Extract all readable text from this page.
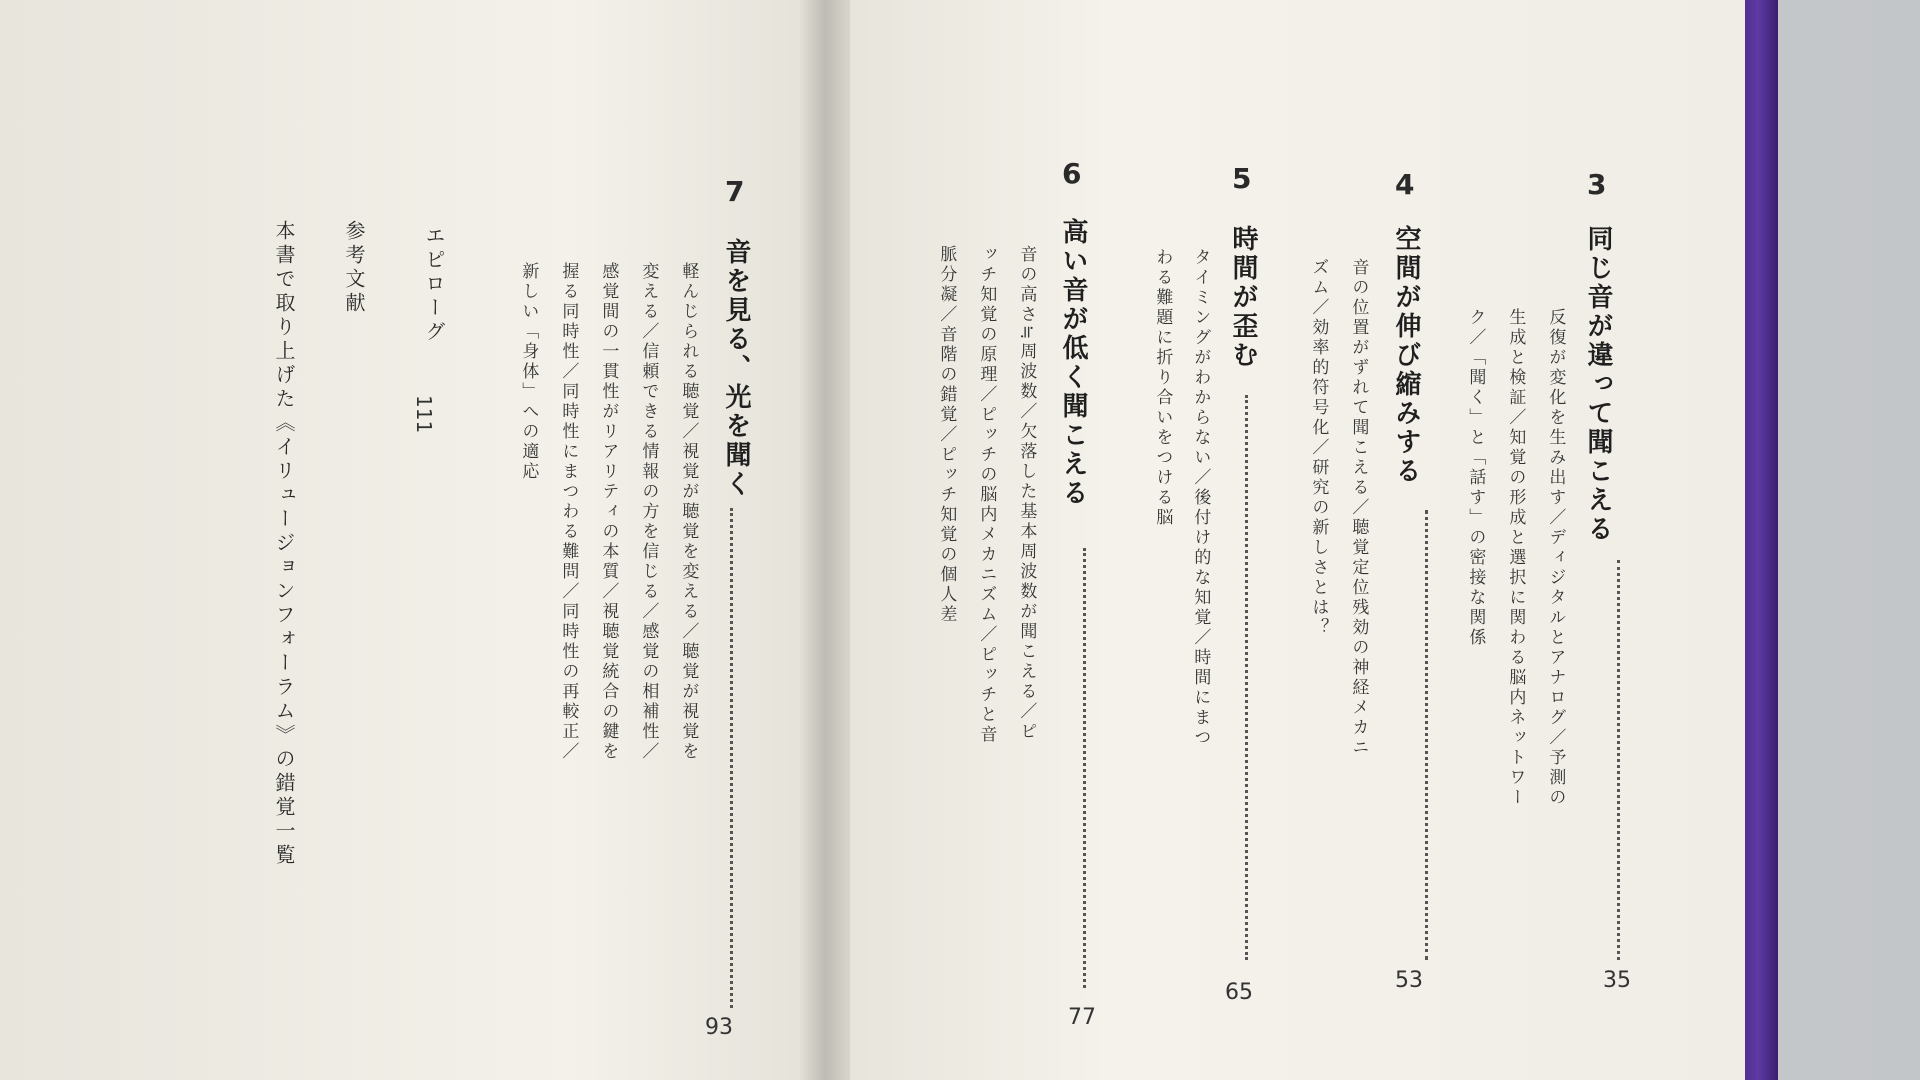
3
同じ音が違って聞こえる
35
反復が変化を生み出す／ディジタルとアナログ／予測の
生成と検証／知覚の形成と選択に関わる脳内ネットワー
ク／「聞く」と「話す」の密接な関係
4
空間が伸び縮みする
53
音の位置がずれて聞こえる／聴覚定位残効の神経メカニ
ズム／効率的符号化／研究の新しさとは？
5
時間が歪む
65
タイミングがわからない／後付け的な知覚／時間にまつ
わる難題に折り合いをつける脳
6
高い音が低く聞こえる
77
音の高さ≒周波数／欠落した基本周波数が聞こえる／ピ
ッチ知覚の原理／ピッチの脳内メカニズム／ピッチと音
脈分凝／音階の錯覚／ピッチ知覚の個人差
7
音を見る、光を聞く
93
軽んじられる聴覚／視覚が聴覚を変える／聴覚が視覚を
変える／信頼できる情報の方を信じる／感覚の相補性／
感覚間の一貫性がリアリティの本質／視聴覚統合の鍵を
握る同時性／同時性にまつわる難問／同時性の再較正／
新しい「身体」への適応
エピローグ
111
参考文献
本書で取り上げた《イリュージョンフォーラム》の錯覚一覧
